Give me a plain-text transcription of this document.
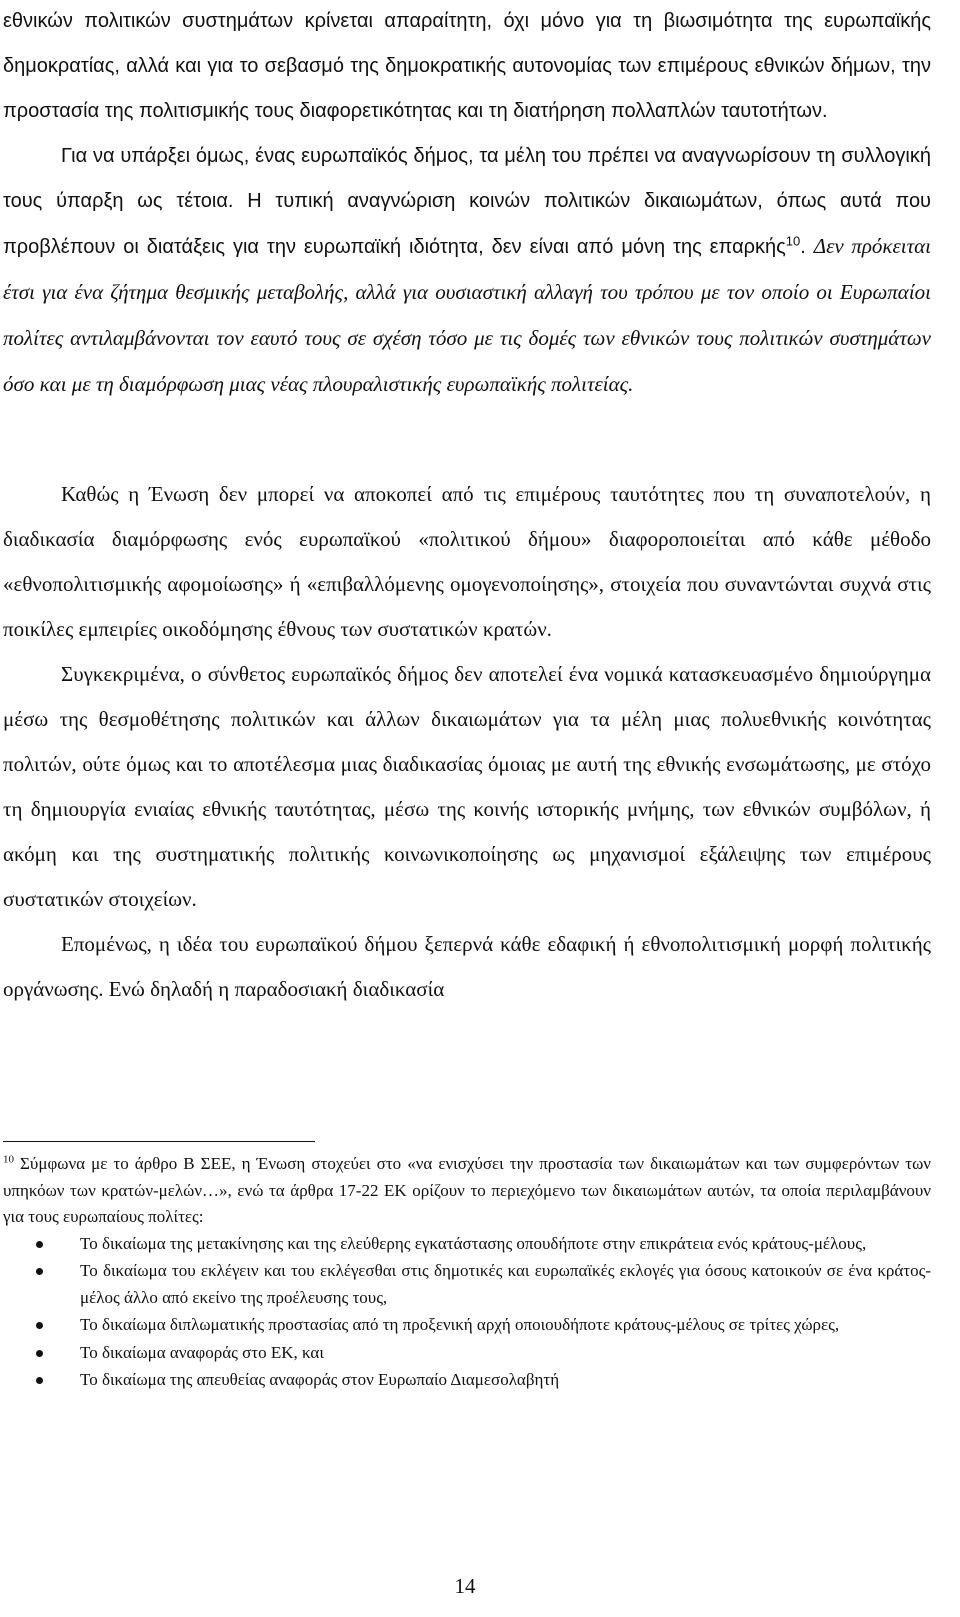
εθνικών πολιτικών συστημάτων κρίνεται απαραίτητη, όχι μόνο για τη βιωσιμότητα της ευρωπαϊκής δημοκρατίας, αλλά και για το σεβασμό της δημοκρατικής αυτονομίας των επιμέρους εθνικών δήμων, την προστασία της πολιτισμικής τους διαφορετικότητας και τη διατήρηση πολλαπλών ταυτοτήτων.

Για να υπάρξει όμως, ένας ευρωπαϊκός δήμος, τα μέλη του πρέπει να αναγνωρίσουν τη συλλογική τους ύπαρξη ως τέτοια. Η τυπική αναγνώριση κοινών πολιτικών δικαιωμάτων, όπως αυτά που προβλέπουν οι διατάξεις για την ευρωπαϊκή ιδιότητα, δεν είναι από μόνη της επαρκής$^{10}$. Δεν πρόκειται έτσι για ένα ζήτημα θεσμικής μεταβολής, αλλά για ουσιαστική αλλαγή του τρόπου με τον οποίο οι Ευρωπαίοι πολίτες αντιλαμβάνονται τον εαυτό τους σε σχέση τόσο με τις δομές των εθνικών τους πολιτικών συστημάτων όσο και με τη διαμόρφωση μιας νέας πλουραλιστικής ευρωπαϊκής πολιτείας.

Καθώς η Ένωση δεν μπορεί να αποκοπεί από τις επιμέρους ταυτότητες που τη συναποτελούν, η διαδικασία διαμόρφωσης ενός ευρωπαϊκού «πολιτικού δήμου» διαφοροποιείται από κάθε μέθοδο «εθνοπολιτισμικής αφομοίωσης» ή «επιβαλλόμενης ομογενοποίησης», στοιχεία που συναντώνται συχνά στις ποικίλες εμπειρίες οικοδόμησης έθνους των συστατικών κρατών.

Συγκεκριμένα, ο σύνθετος ευρωπαϊκός δήμος δεν αποτελεί ένα νομικά κατασκευασμένο δημιούργημα μέσω της θεσμοθέτησης πολιτικών και άλλων δικαιωμάτων για τα μέλη μιας πολυεθνικής κοινότητας πολιτών, ούτε όμως και το αποτέλεσμα μιας διαδικασίας όμοιας με αυτή της εθνικής ενσωμάτωσης, με στόχο τη δημιουργία ενιαίας εθνικής ταυτότητας, μέσω της κοινής ιστορικής μνήμης, των εθνικών συμβόλων, ή ακόμη και της συστηματικής πολιτικής κοινωνικοποίησης ως μηχανισμοί εξάλειψης των επιμέρους συστατικών στοιχείων.

Επομένως, η ιδέα του ευρωπαϊκού δήμου ξεπερνά κάθε εδαφική ή εθνοπολιτισμική μορφή πολιτικής οργάνωσης. Ενώ δηλαδή η παραδοσιακή διαδικασία

$^{10}$ Σύμφωνα με το άρθρο Β ΣΕΕ, η Ένωση στοχεύει στο «να ενισχύσει την προστασία των δικαιωμάτων και των συμφερόντων των υπηκόων των κρατών-μελών…», ενώ τα άρθρα 17-22 ΕΚ ορίζουν το περιεχόμενο των δικαιωμάτων αυτών, τα οποία περιλαμβάνουν για τους ευρωπαίους πολίτες:

Το δικαίωμα της μετακίνησης και της ελεύθερης εγκατάστασης οπουδήποτε στην επικράτεια ενός κράτους-μέλους,
Το δικαίωμα του εκλέγειν και του εκλέγεσθαι στις δημοτικές και ευρωπαϊκές εκλογές για όσους κατοικούν σε ένα κράτος-μέλος άλλο από εκείνο της προέλευσης τους,
Το δικαίωμα διπλωματικής προστασίας από τη προξενική αρχή οποιουδήποτε κράτους-μέλους σε τρίτες χώρες,
Το δικαίωμα αναφοράς στο ΕΚ, και
Το δικαίωμα της απευθείας αναφοράς στον Ευρωπαίο Διαμεσολαβητή
14
